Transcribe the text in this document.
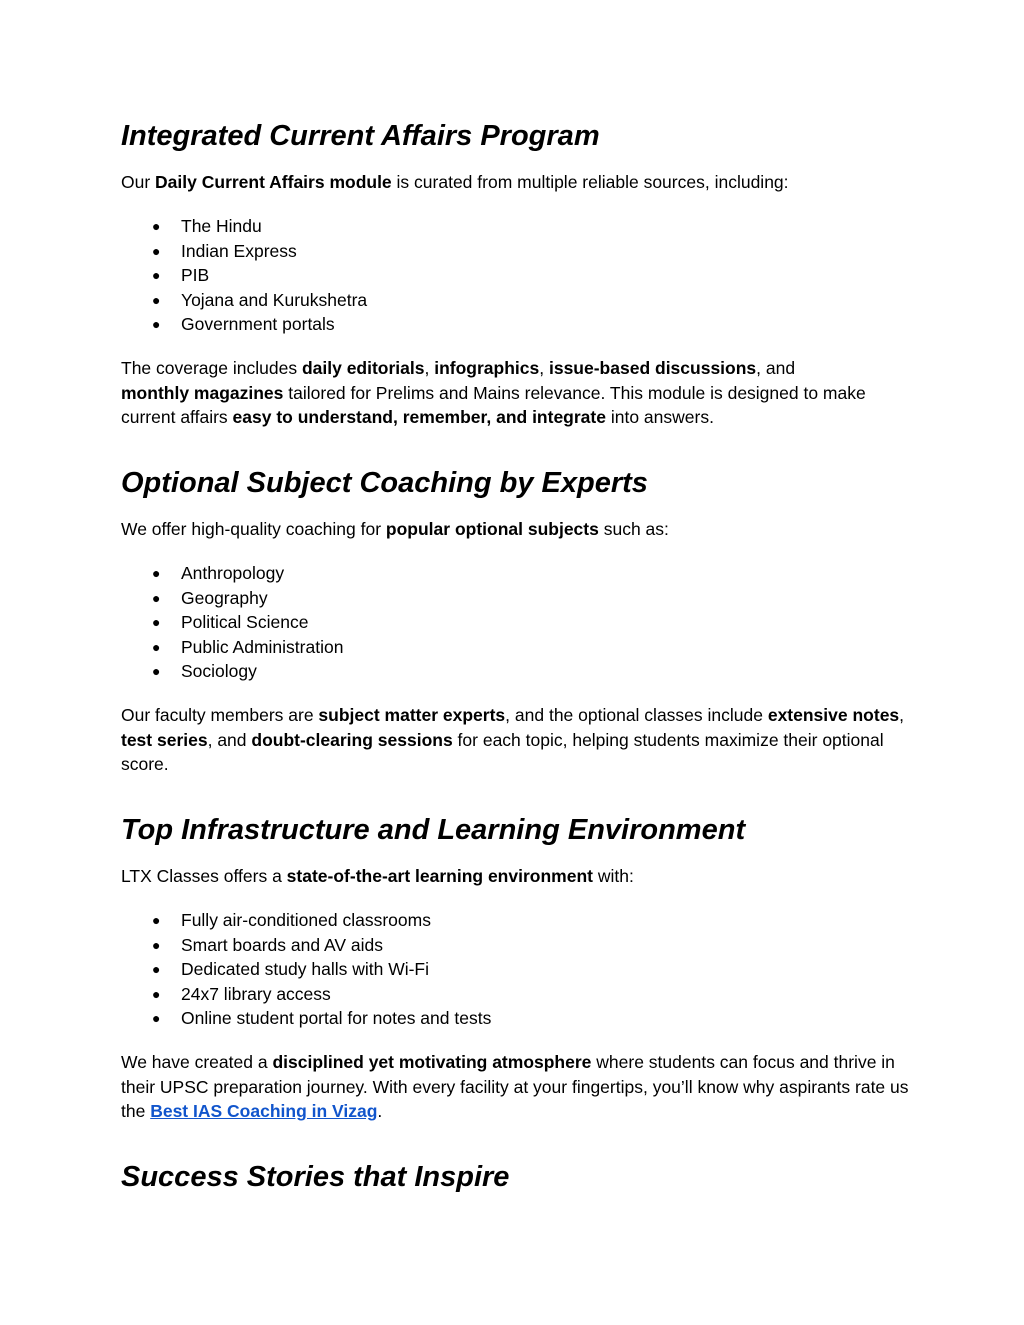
Integrated Current Affairs Program

Our Daily Current Affairs module is curated from multiple reliable sources, including:

● The Hindu
● Indian Express
● PIB
● Yojana and Kurukshetra
● Government portals

The coverage includes daily editorials, infographics, issue-based discussions, and
monthly magazines tailored for Prelims and Mains relevance. This module is designed to make current affairs easy to understand, remember, and integrate into answers.

Optional Subject Coaching by Experts

We offer high-quality coaching for popular optional subjects such as:

● Anthropology
● Geography
● Political Science
● Public Administration
● Sociology

Our faculty members are subject matter experts, and the optional classes include extensive notes, test series, and doubt-clearing sessions for each topic, helping students maximize their optional score.

Top Infrastructure and Learning Environment

LTX Classes offers a state-of-the-art learning environment with:

● Fully air-conditioned classrooms
● Smart boards and AV aids
● Dedicated study halls with Wi-Fi
● 24x7 library access
● Online student portal for notes and tests

We have created a disciplined yet motivating atmosphere where students can focus and thrive in their UPSC preparation journey. With every facility at your fingertips, you’ll know why aspirants rate us the Best IAS Coaching in Vizag.

Success Stories that Inspire
